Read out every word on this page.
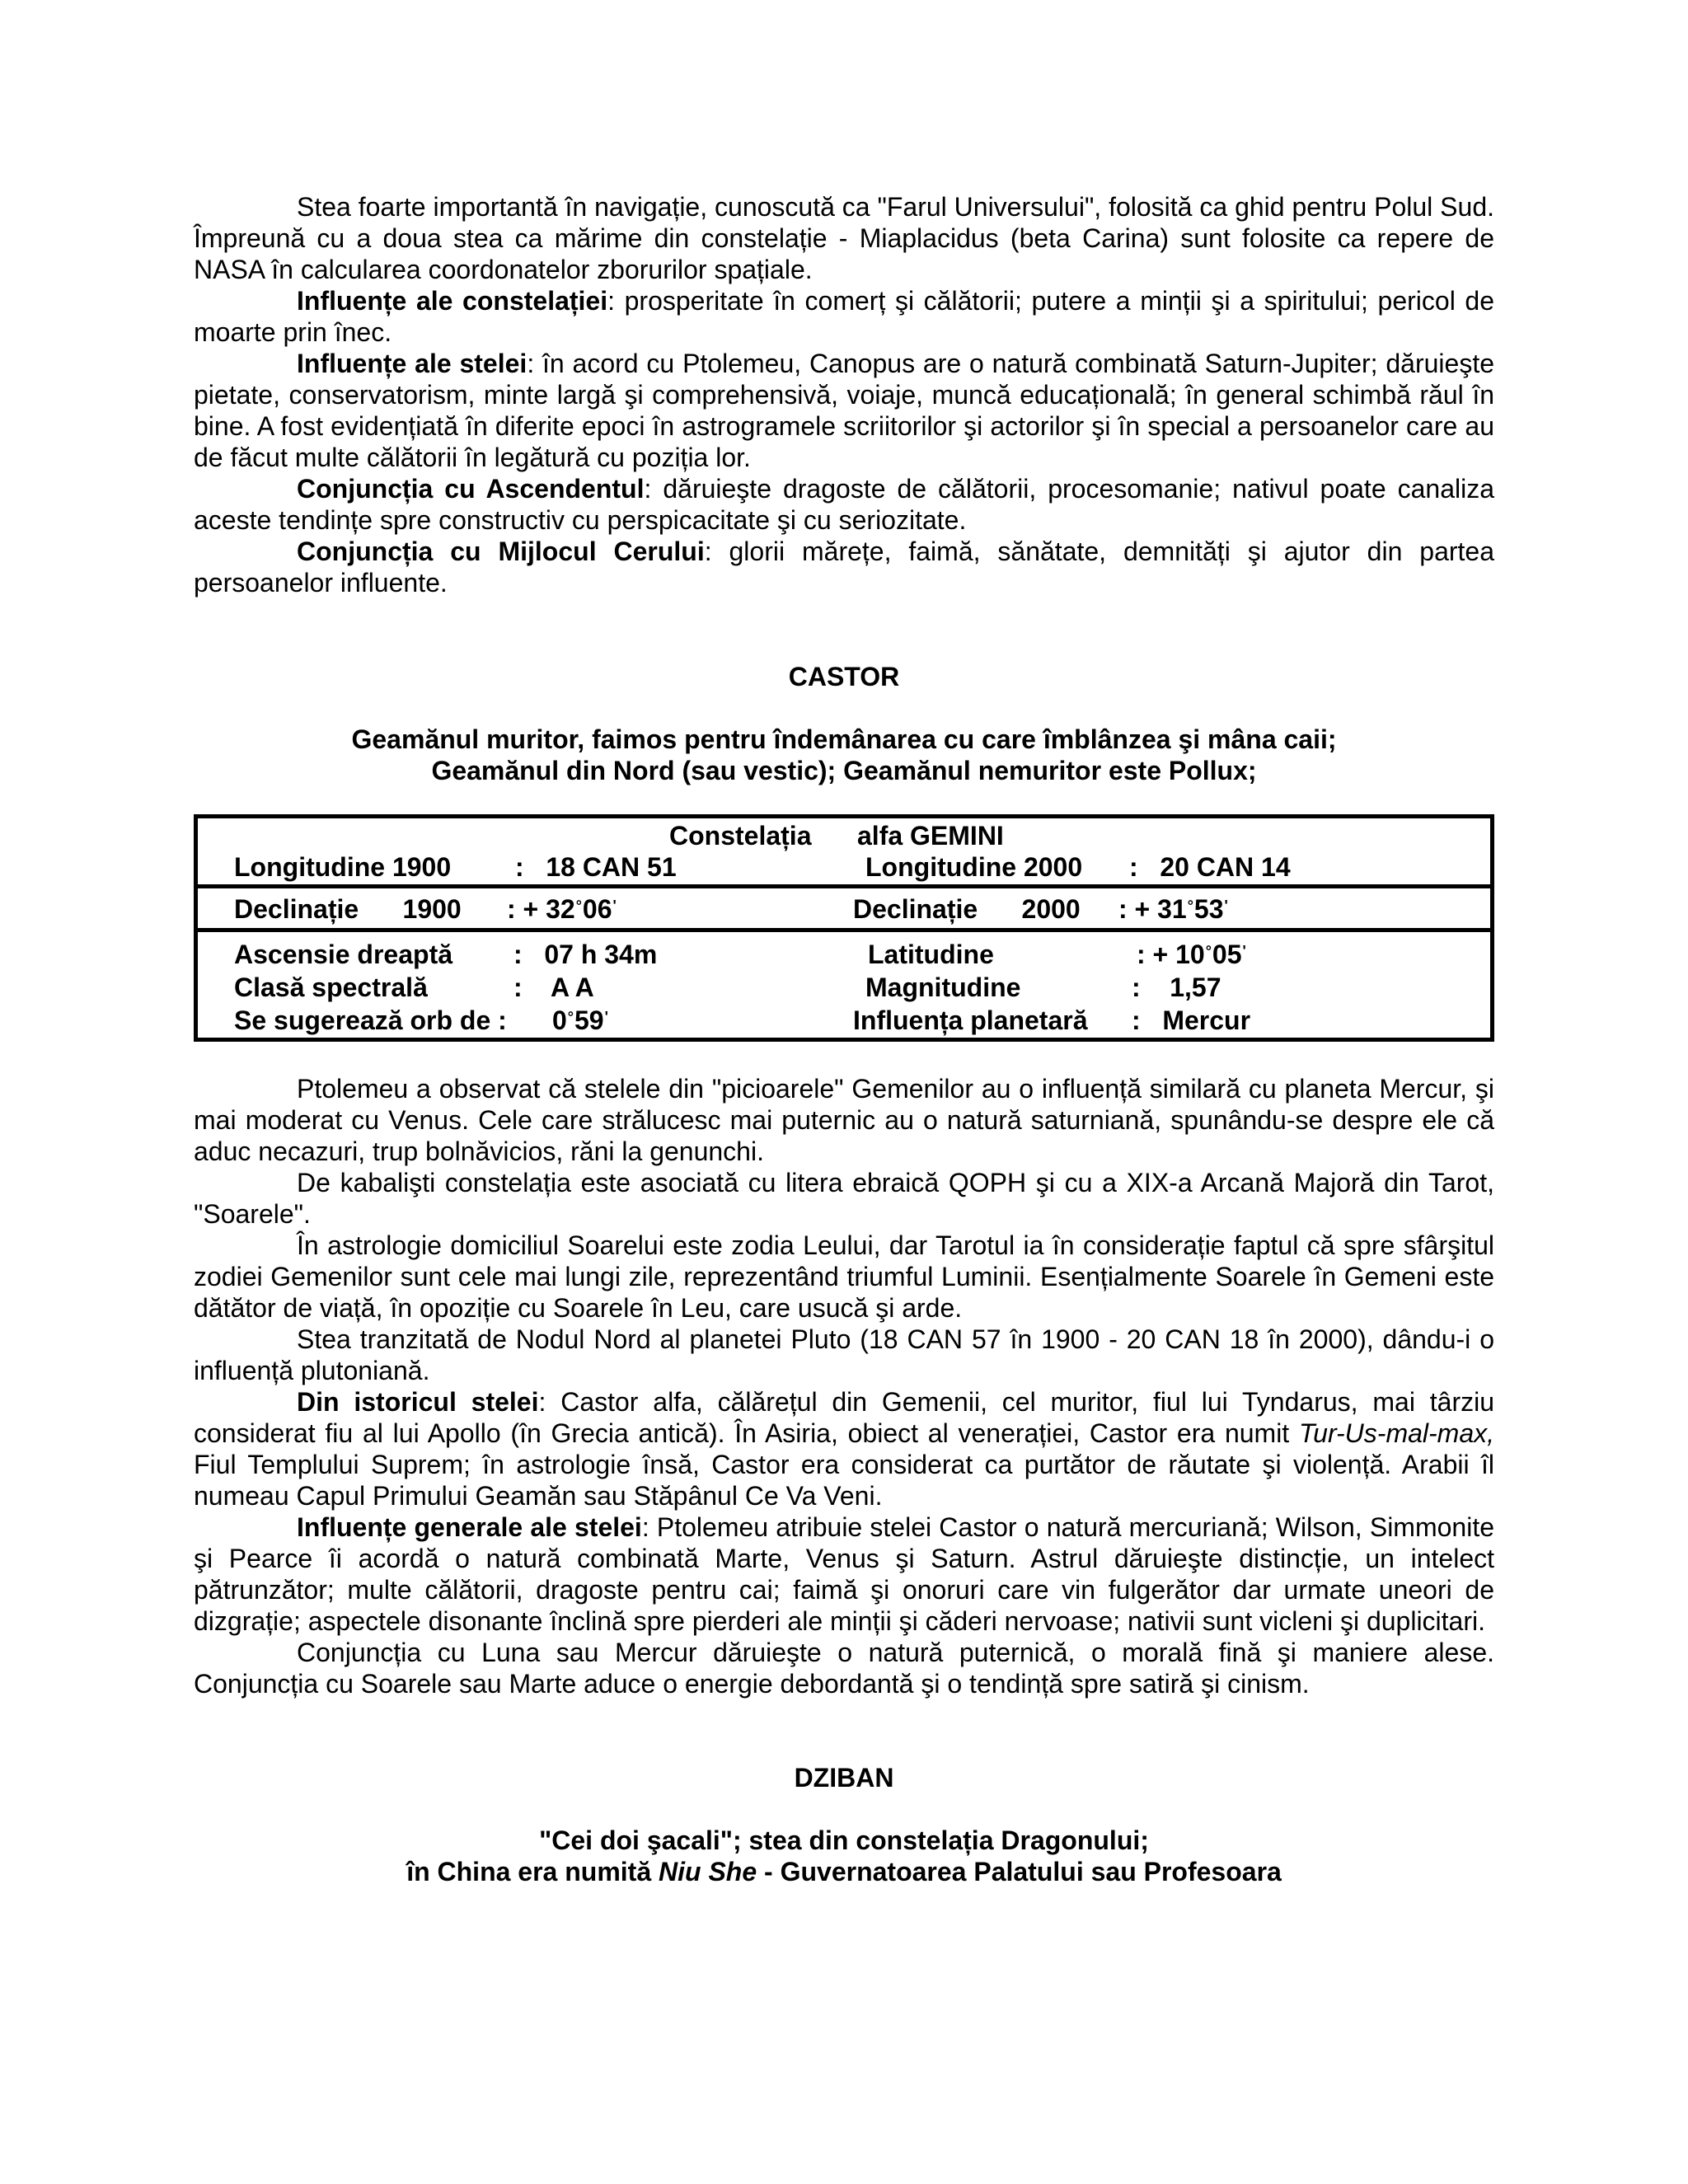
Stea foarte importantă în navigație, cunoscută ca "Farul Universului", folosită ca ghid pentru Polul Sud. Împreună cu a doua stea ca mărime din constelație - Miaplacidus (beta Carina) sunt folosite ca repere de NASA în calcularea coordonatelor zborurilor spațiale.

Influențe ale constelației: prosperitate în comerț şi călătorii; putere a minții şi a spiritului; pericol de moarte prin înec.

Influențe ale stelei: în acord cu Ptolemeu, Canopus are o natură combinată Saturn-Jupiter; dăruieşte pietate, conservatorism, minte largă şi comprehensivă, voiaje, muncă educațională; în general schimbă răul în bine. A fost evidențiată în diferite epoci în astrogramele scriitorilor şi actorilor şi în special a persoanelor care au de făcut multe călătorii în legătură cu poziția lor.

Conjuncția cu Ascendentul: dăruieşte dragoste de călătorii, procesomanie; nativul poate canaliza aceste tendințe spre constructiv cu perspicacitate şi cu seriozitate.

Conjuncția cu Mijlocul Cerului: glorii mărețe, faimă, sănătate, demnități şi ajutor din partea persoanelor influente.

CASTOR

Geamănul muritor, faimos pentru îndemânarea cu care îmblânzea şi mâna caii;

Geamănul din Nord (sau vestic); Geamănul nemuritor este Pollux;

Constelația alfa GEMINI
Longitudine 1900 :   18 CAN 51	Longitudine 2000 :   20 CAN 14
Declinație      1900 : + 32°06'	Declinație      2000 : + 31°53'
Ascensie dreaptă :   07 h 34m	Latitudine	: + 10°05'
Clasă spectrală	:    A A	Magnitudine	:    1,57
Se sugerează orb de : 0°59'	Influența planetară :   Mercur

Ptolemeu a observat că stelele din "picioarele" Gemenilor au o influență similară cu planeta Mercur, şi mai moderat cu Venus. Cele care strălucesc mai puternic au o natură saturniană, spunându-se despre ele că aduc necazuri, trup bolnăvicios, răni la genunchi.

De kabalişti constelația este asociată cu litera ebraică QOPH şi cu a XIX-a Arcană Majoră din Tarot, "Soarele".

În astrologie domiciliul Soarelui este zodia Leului, dar Tarotul ia în considerație faptul că spre sfârşitul zodiei Gemenilor sunt cele mai lungi zile, reprezentând triumful Luminii. Esențialmente Soarele în Gemeni este dătător de viață, în opoziție cu Soarele în Leu, care usucă şi arde.

Stea tranzitată de Nodul Nord al planetei Pluto (18 CAN 57 în 1900 - 20 CAN 18 în 2000), dându-i o influență plutoniană.

Din istoricul stelei: Castor alfa, călărețul din Gemenii, cel muritor, fiul lui Tyndarus, mai târziu considerat fiu al lui Apollo (în Grecia antică). În Asiria, obiect al venerației, Castor era numit Tur-Us-mal-max, Fiul Templului Suprem; în astrologie însă, Castor era considerat ca purtător de răutate şi violență. Arabii îl numeau Capul Primului Geamăn sau Stăpânul Ce Va Veni.

Influențe generale ale stelei: Ptolemeu atribuie stelei Castor o natură mercuriană; Wilson, Simmonite şi Pearce îi acordă o natură combinată Marte, Venus şi Saturn. Astrul dăruieşte distincție, un intelect pătrunzător; multe călătorii, dragoste pentru cai; faimă şi onoruri care vin fulgerător dar urmate uneori de dizgrație; aspectele disonante înclină spre pierderi ale minții şi căderi nervoase; nativii sunt vicleni şi duplicitari.

Conjuncția cu Luna sau Mercur dăruieşte o natură puternică, o morală fină şi maniere alese. Conjuncția cu Soarele sau Marte aduce o energie debordantă şi o tendință spre satiră şi cinism.

DZIBAN

"Cei doi şacali"; stea din constelația Dragonului;

în China era numită Niu She - Guvernatoarea Palatului sau Profesoara
